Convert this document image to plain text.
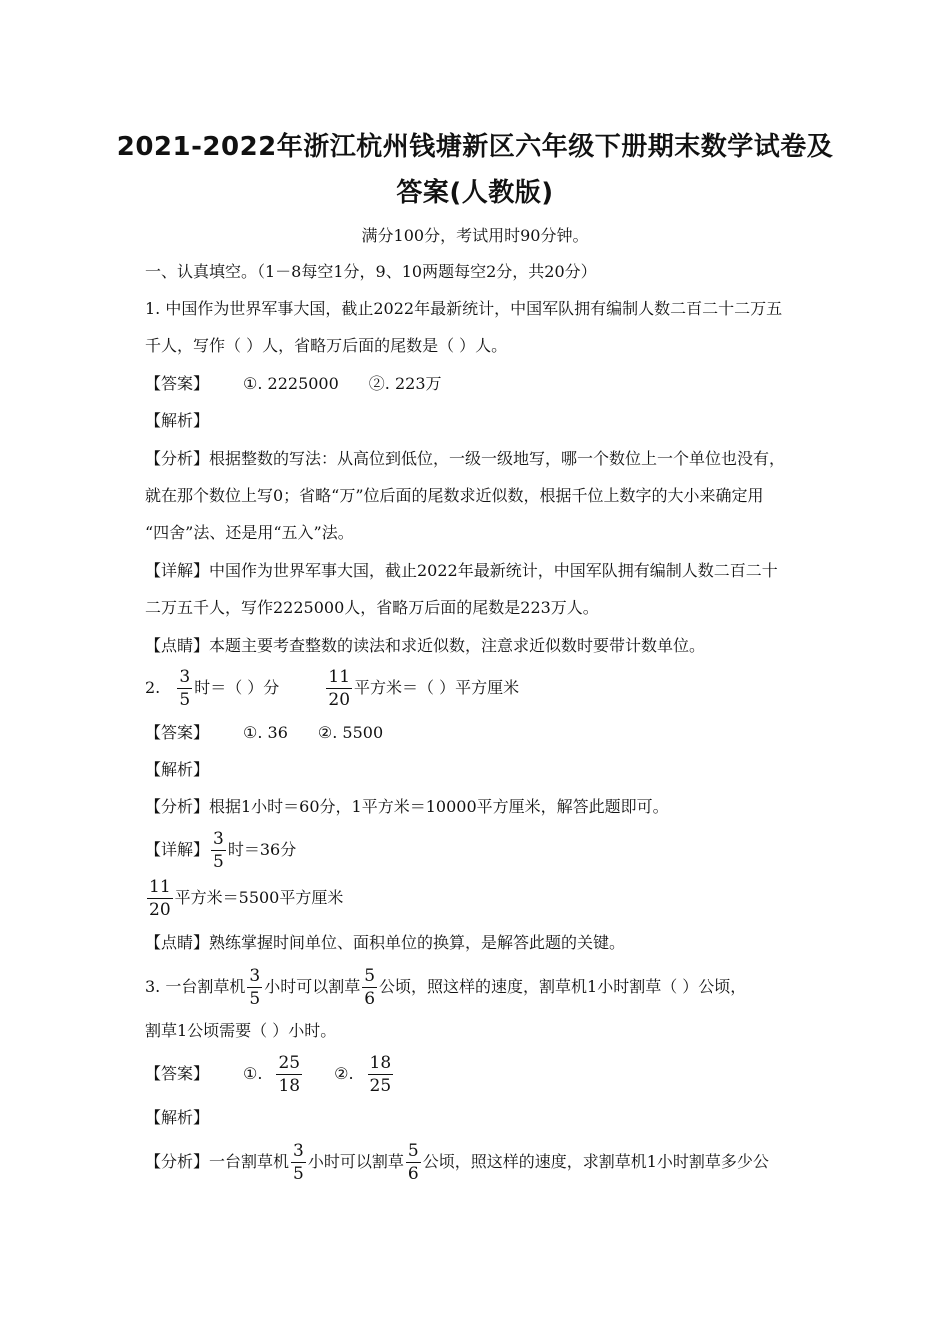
2021-2022年浙江杭州钱塘新区六年级下册期末数学试卷及
答案(人教版)
满分100分，考试用时90分钟。
一、认真填空。（1－8每空1分，9、10两题每空2分，共20分）
1. 中国作为世界军事大国，截止2022年最新统计，中国军队拥有编制人数二百二十二万五
千人，写作（ ）人，省略万后面的尾数是（ ）人。
【答案】 ①. 2225000 ②. 223万
【解析】
【分析】根据整数的写法：从高位到低位，一级一级地写，哪一个数位上一个单位也没有，
就在那个数位上写0；省略“万”位后面的尾数求近似数，根据千位上数字的大小来确定用
“四舍”法、还是用“五入”法。
【详解】中国作为世界军事大国，截止2022年最新统计，中国军队拥有编制人数二百二十
二万五千人，写作2225000人，省略万后面的尾数是223万人。
【点睛】本题主要考查整数的读法和求近似数，注意求近似数时要带计数单位。
2. $\frac{3}{5}$ 时＝（ ）分	$\frac{11}{20}$ 平方米＝（ ）平方厘米
【答案】 ①. 36 ②. 5500
【解析】
【分析】根据1小时＝60分，1平方米＝10000平方厘米，解答此题即可。
【详解】 $\frac{3}{5}$ 时＝36分
$\frac{11}{20}$ 平方米＝5500平方厘米
【点睛】熟练掌握时间单位、面积单位的换算，是解答此题的关键。
3. 一台割草机 $\frac{3}{5}$ 小时可以割草 $\frac{5}{6}$ 公顷，照这样的速度，割草机1小时割草（ ）公顷，
割草1公顷需要（ ）小时。
【答案】 ①. $\frac{25}{18}$ ②. $\frac{18}{25}$
【解析】
【分析】一台割草机 $\frac{3}{5}$ 小时可以割草 $\frac{5}{6}$ 公顷，照这样的速度，求割草机1小时割草多少公
